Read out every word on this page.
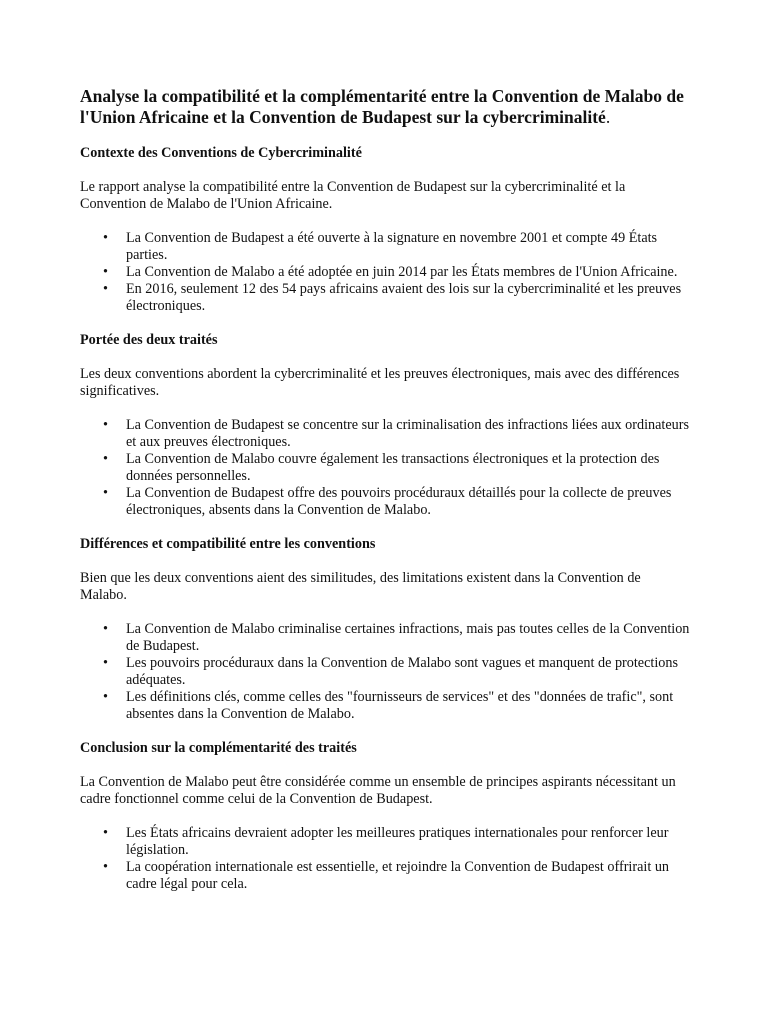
Analyse la compatibilité et la complémentarité entre la Convention de Malabo de l'Union Africaine et la Convention de Budapest sur la cybercriminalité.
Contexte des Conventions de Cybercriminalité

Le rapport analyse la compatibilité entre la Convention de Budapest sur la cybercriminalité et la Convention de Malabo de l'Union Africaine.

• La Convention de Budapest a été ouverte à la signature en novembre 2001 et compte 49 États parties.
• La Convention de Malabo a été adoptée en juin 2014 par les États membres de l'Union Africaine.
• En 2016, seulement 12 des 54 pays africains avaient des lois sur la cybercriminalité et les preuves électroniques.
Portée des deux traités

Les deux conventions abordent la cybercriminalité et les preuves électroniques, mais avec des différences significatives.

• La Convention de Budapest se concentre sur la criminalisation des infractions liées aux ordinateurs et aux preuves électroniques.
• La Convention de Malabo couvre également les transactions électroniques et la protection des données personnelles.
• La Convention de Budapest offre des pouvoirs procéduraux détaillés pour la collecte de preuves électroniques, absents dans la Convention de Malabo.
Différences et compatibilité entre les conventions

Bien que les deux conventions aient des similitudes, des limitations existent dans la Convention de Malabo.

• La Convention de Malabo criminalise certaines infractions, mais pas toutes celles de la Convention de Budapest.
• Les pouvoirs procéduraux dans la Convention de Malabo sont vagues et manquent de protections adéquates.
• Les définitions clés, comme celles des "fournisseurs de services" et des "données de trafic", sont absentes dans la Convention de Malabo.
Conclusion sur la complémentarité des traités

La Convention de Malabo peut être considérée comme un ensemble de principes aspirants nécessitant un cadre fonctionnel comme celui de la Convention de Budapest.

• Les États africains devraient adopter les meilleures pratiques internationales pour renforcer leur législation.
• La coopération internationale est essentielle, et rejoindre la Convention de Budapest offrirait un cadre légal pour cela.
